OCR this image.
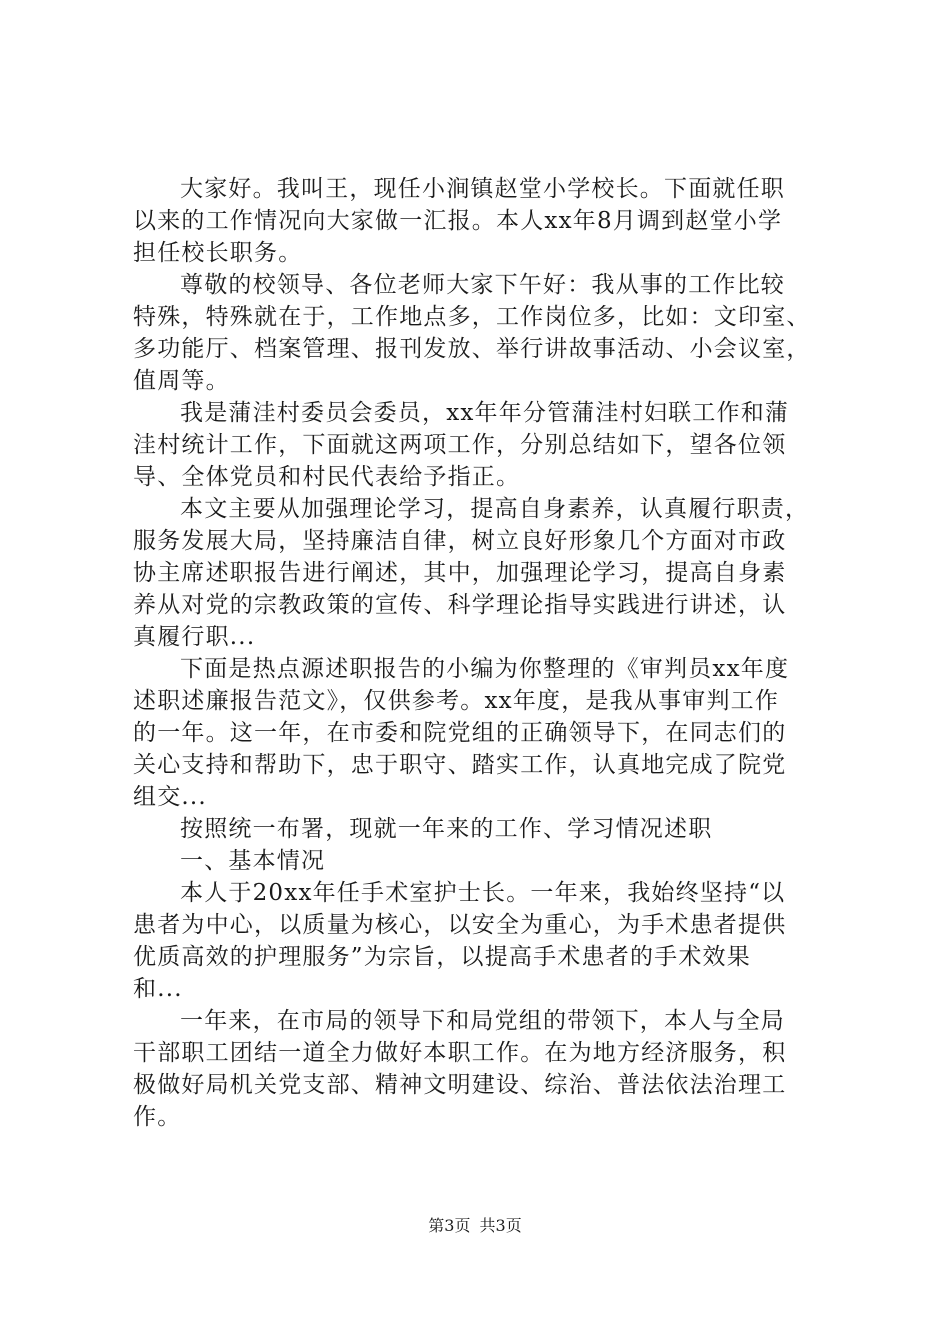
大家好。我叫王，现任小涧镇赵堂小学校长。下面就任职
以来的工作情况向大家做一汇报。本人xx年8月调到赵堂小学
担任校长职务。
尊敬的校领导、各位老师大家下午好：我从事的工作比较
特殊，特殊就在于，工作地点多，工作岗位多，比如：文印室、
多功能厅、档案管理、报刊发放、举行讲故事活动、小会议室，
值周等。
我是蒲洼村委员会委员，xx年年分管蒲洼村妇联工作和蒲
洼村统计工作，下面就这两项工作，分别总结如下，望各位领
导、全体党员和村民代表给予指正。
本文主要从加强理论学习，提高自身素养，认真履行职责，
服务发展大局，坚持廉洁自律，树立良好形象几个方面对市政
协主席述职报告进行阐述，其中，加强理论学习，提高自身素
养从对党的宗教政策的宣传、科学理论指导实践进行讲述，认
真履行职...
下面是热点源述职报告的小编为你整理的《审判员xx年度
述职述廉报告范文》，仅供参考。xx年度，是我从事审判工作
的一年。这一年，在市委和院党组的正确领导下，在同志们的
关心支持和帮助下，忠于职守、踏实工作，认真地完成了院党
组交...
按照统一布署，现就一年来的工作、学习情况述职
一、基本情况
本人于20xx年任手术室护士长。一年来，我始终坚持“以
患者为中心，以质量为核心，以安全为重心，为手术患者提供
优质高效的护理服务”为宗旨，以提高手术患者的手术效果
和...
一年来，在市局的领导下和局党组的带领下，本人与全局
干部职工团结一道全力做好本职工作。在为地方经济服务，积
极做好局机关党支部、精神文明建设、综治、普法依法治理工
作。
第3页 共3页
